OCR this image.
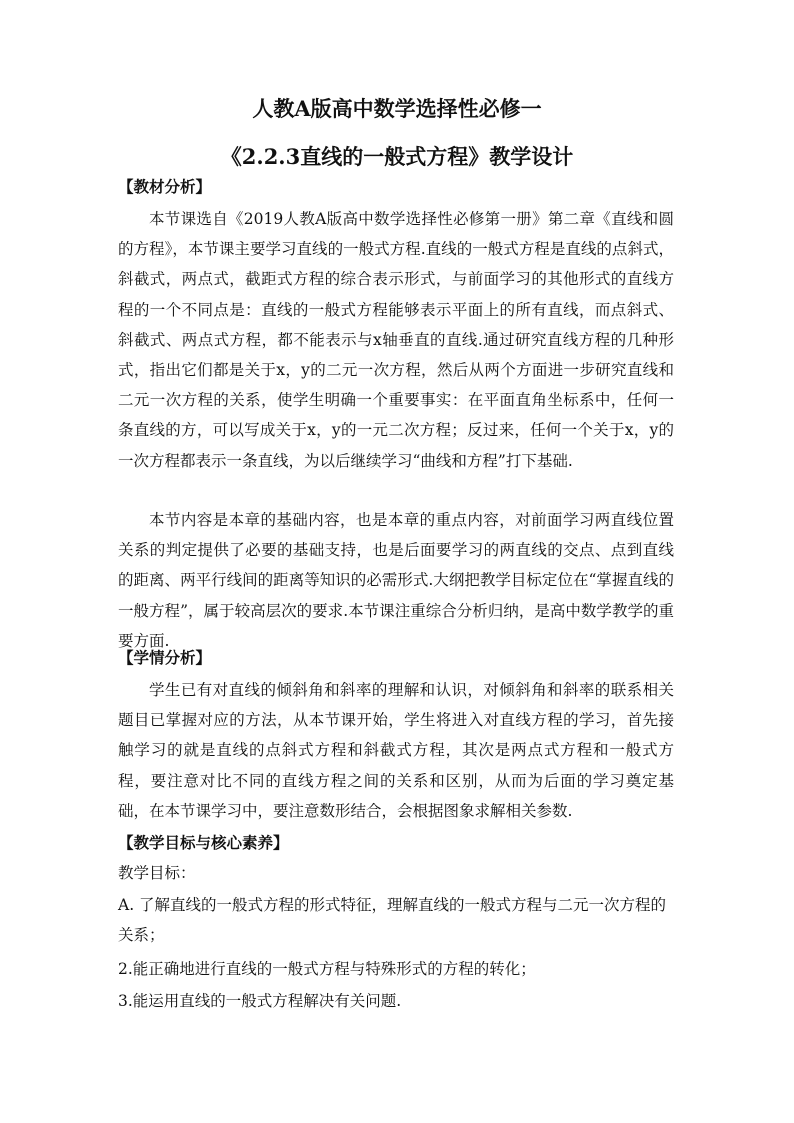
人教A版高中数学选择性必修一
《2.2.3直线的一般式方程》教学设计
【教材分析】
本节课选自《2019人教A版高中数学选择性必修第一册》第二章《直线和圆的方程》，本节课主要学习直线的一般式方程.直线的一般式方程是直线的点斜式，斜截式，两点式，截距式方程的综合表示形式，与前面学习的其他形式的直线方程的一个不同点是：直线的一般式方程能够表示平面上的所有直线，而点斜式、斜截式、两点式方程，都不能表示与x轴垂直的直线.通过研究直线方程的几种形式，指出它们都是关于x，y的二元一次方程，然后从两个方面进一步研究直线和二元一次方程的关系，使学生明确一个重要事实：在平面直角坐标系中，任何一条直线的方，可以写成关于x，y的一元二次方程；反过来，任何一个关于x，y的一次方程都表示一条直线，为以后继续学习“曲线和方程”打下基础.
本节内容是本章的基础内容，也是本章的重点内容，对前面学习两直线位置关系的判定提供了必要的基础支持，也是后面要学习的两直线的交点、点到直线的距离、两平行线间的距离等知识的必需形式.大纲把教学目标定位在“掌握直线的一般方程”，属于较高层次的要求.本节课注重综合分析归纳，是高中数学教学的重要方面.
【学情分析】
学生已有对直线的倾斜角和斜率的理解和认识，对倾斜角和斜率的联系相关题目已掌握对应的方法，从本节课开始，学生将进入对直线方程的学习，首先接触学习的就是直线的点斜式方程和斜截式方程，其次是两点式方程和一般式方程，要注意对比不同的直线方程之间的关系和区别，从而为后面的学习奠定基础，在本节课学习中，要注意数形结合，会根据图象求解相关参数.
【教学目标与核心素养】
教学目标：
A. 了解直线的一般式方程的形式特征，理解直线的一般式方程与二元一次方程的关系；
2.能正确地进行直线的一般式方程与特殊形式的方程的转化；
3.能运用直线的一般式方程解决有关问题.
